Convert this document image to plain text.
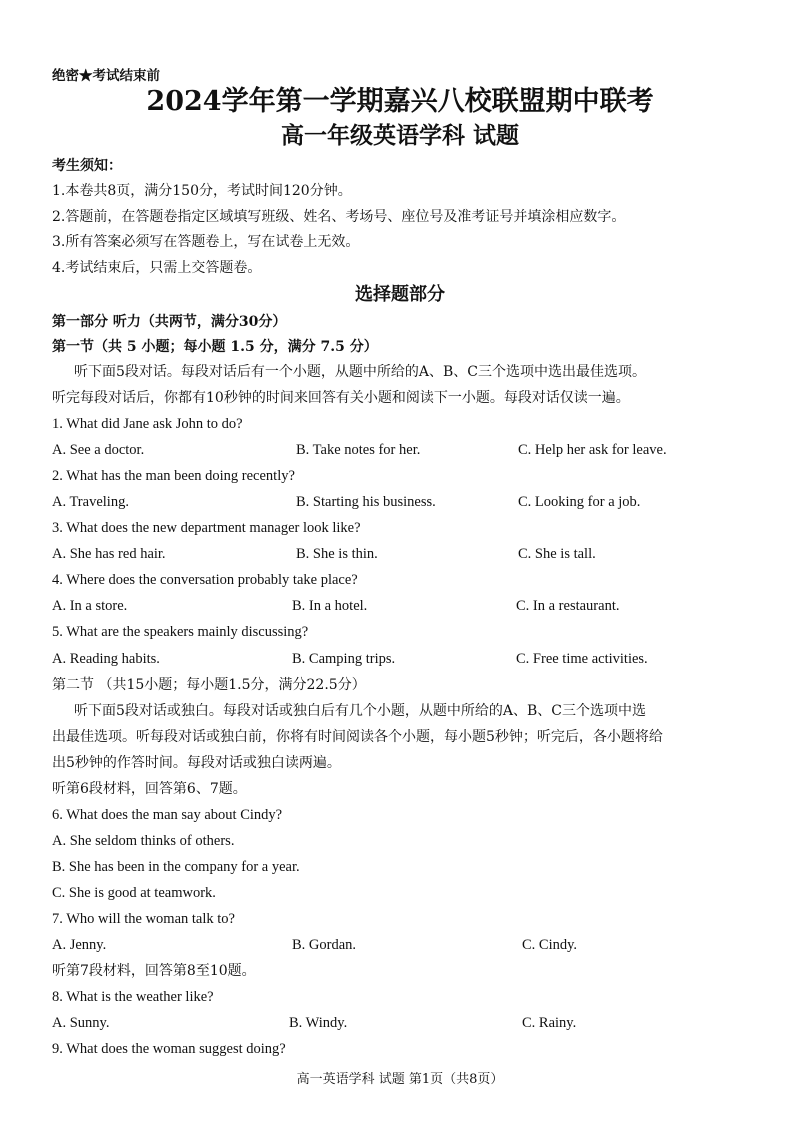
绝密★考试结束前
2024学年第一学期嘉兴八校联盟期中联考
高一年级英语学科 试题
考生须知：
1.本卷共8页，满分150分，考试时间120分钟。
2.答题前，在答题卷指定区域填写班级、姓名、考场号、座位号及准考证号并填涂相应数字。
3.所有答案必须写在答题卷上，写在试卷上无效。
4.考试结束后，只需上交答题卷。
选择题部分
第一部分 听力（共两节，满分30分）
第一节（共 5 小题；每小题 1.5 分，满分 7.5 分）
听下面5段对话。每段对话后有一个小题，从题中所给的A、B、C三个选项中选出最佳选项。
听完每段对话后，你都有10秒钟的时间来回答有关小题和阅读下一小题。每段对话仅读一遍。
1. What did Jane ask John to do?
A. See a doctor.	B. Take notes for her.	C. Help her ask for leave.
2. What has the man been doing recently?
A. Traveling.	B. Starting his business.	C. Looking for a job.
3. What does the new department manager look like?
A. She has red hair.	B. She is thin.	C. She is tall.
4. Where does the conversation probably take place?
A. In a store.	B. In a hotel.	C. In a restaurant.
5. What are the speakers mainly discussing?
A. Reading habits.	B. Camping trips.	C. Free time activities.
第二节 （共15小题；每小题1.5分，满分22.5分）
听下面5段对话或独白。每段对话或独白后有几个小题，从题中所给的A、B、C三个选项中选
出最佳选项。听每段对话或独白前，你将有时间阅读各个小题，每小题5秒钟；听完后，各小题将给
出5秒钟的作答时间。每段对话或独白读两遍。
听第6段材料，回答第6、7题。
6. What does the man say about Cindy?
A. She seldom thinks of others.
B. She has been in the company for a year.
C. She is good at teamwork.
7. Who will the woman talk to?
A. Jenny.	B. Gordan.	C. Cindy.
听第7段材料，回答第8至10题。
8. What is the weather like?
A. Sunny.	B. Windy.	C. Rainy.
9. What does the woman suggest doing?
高一英语学科 试题 第1页（共8页）
